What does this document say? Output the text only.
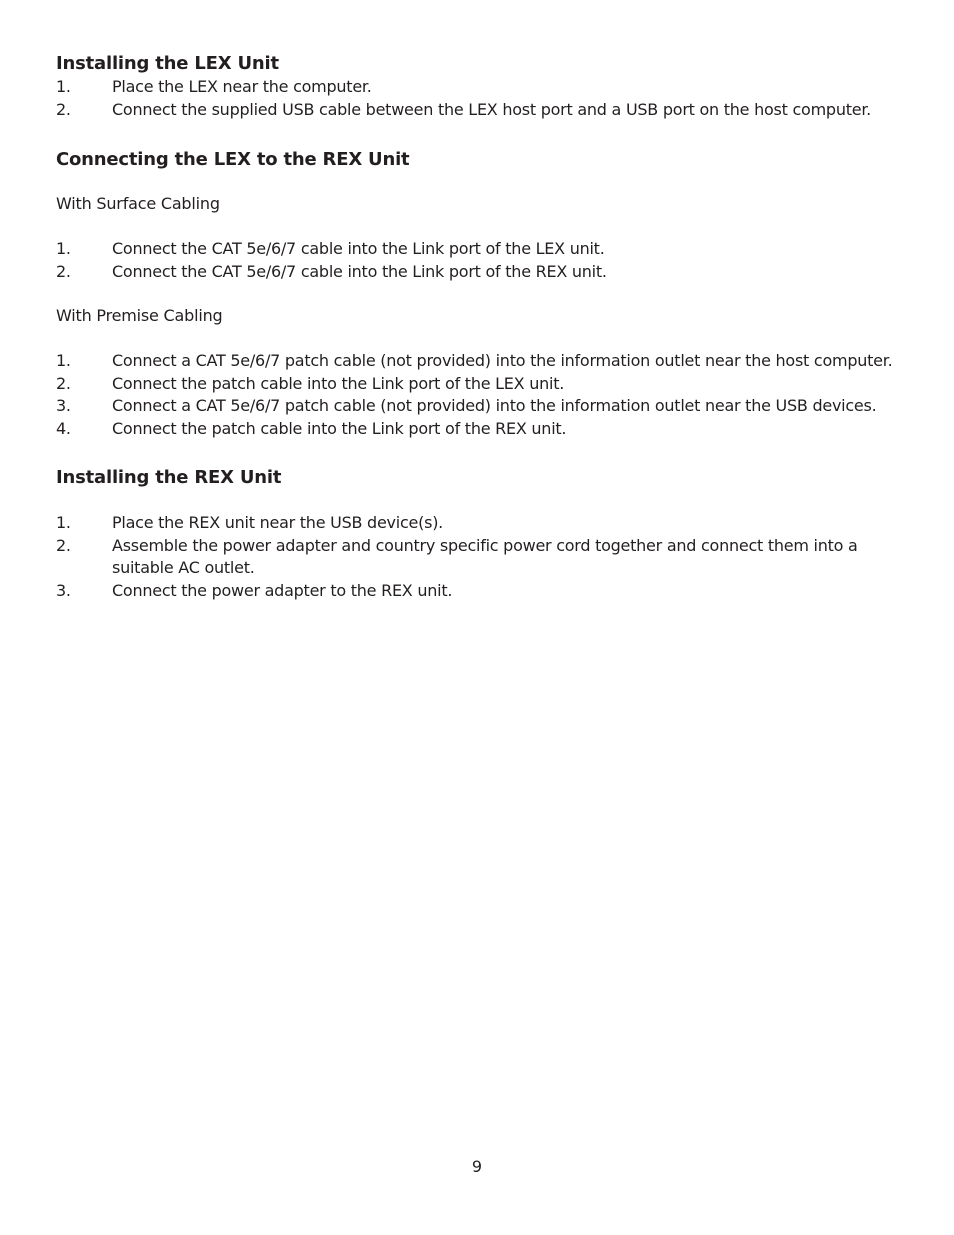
Installing the LEX Unit
1.	Place the LEX near the computer.
2.	Connect the supplied USB cable between the LEX host port and a USB port on the host computer.
Connecting the LEX to the REX Unit

With Surface Cabling

1.	Connect the CAT 5e/6/7 cable into the Link port of the LEX unit.
2.	Connect the CAT 5e/6/7 cable into the Link port of the REX unit.

With Premise Cabling

1.	Connect a CAT 5e/6/7 patch cable (not provided) into the information outlet near the host computer.
2.	Connect the patch cable into the Link port of the LEX unit.
3.	Connect a CAT 5e/6/7 patch cable (not provided) into the information outlet near the USB devices.
4.	Connect the patch cable into the Link port of the REX unit.
Installing the REX Unit
1.	Place the REX unit near the USB device(s).
2.	Assemble the power adapter and country specific power cord together and connect them into a suitable AC outlet.
3.	Connect the power adapter to the REX unit.
9
